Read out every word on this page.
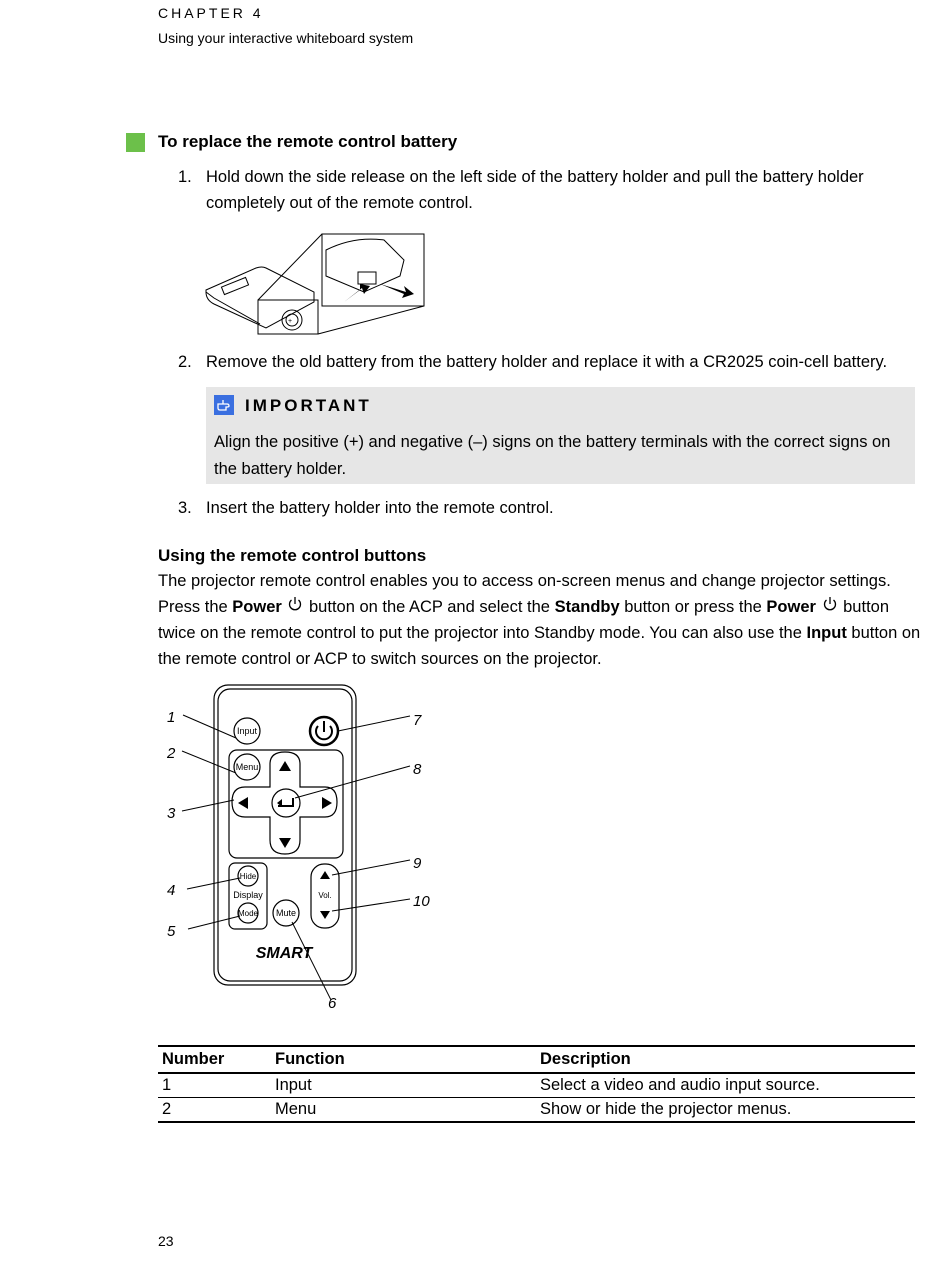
CHAPTER 4
Using your interactive whiteboard system
To replace the remote control battery
1. Hold down the side release on the left side of the battery holder and pull the battery holder completely out of the remote control.
+
2. Remove the old battery from the battery holder and replace it with a CR2025 coin-cell battery.
IMPORTANT
Align the positive (+) and negative (–) signs on the battery terminals with the correct signs on the battery holder.
3. Insert the battery holder into the remote control.
Using the remote control buttons
The projector remote control enables you to access on-screen menus and change projector settings. Press the Power  button on the ACP and select the Standby button or press the Power  button twice on the remote control to put the projector into Standby mode. You can also use the Input button on the remote control or ACP to switch sources on the projector.
Input
Menu
Hide
Display
Mode Mute
Vol.
SMART
1
2
3
4
5
6
7
8
9
10
Number	Function	Description
1	Input	Select a video and audio input source.
2	Menu	Show or hide the projector menus.
23
